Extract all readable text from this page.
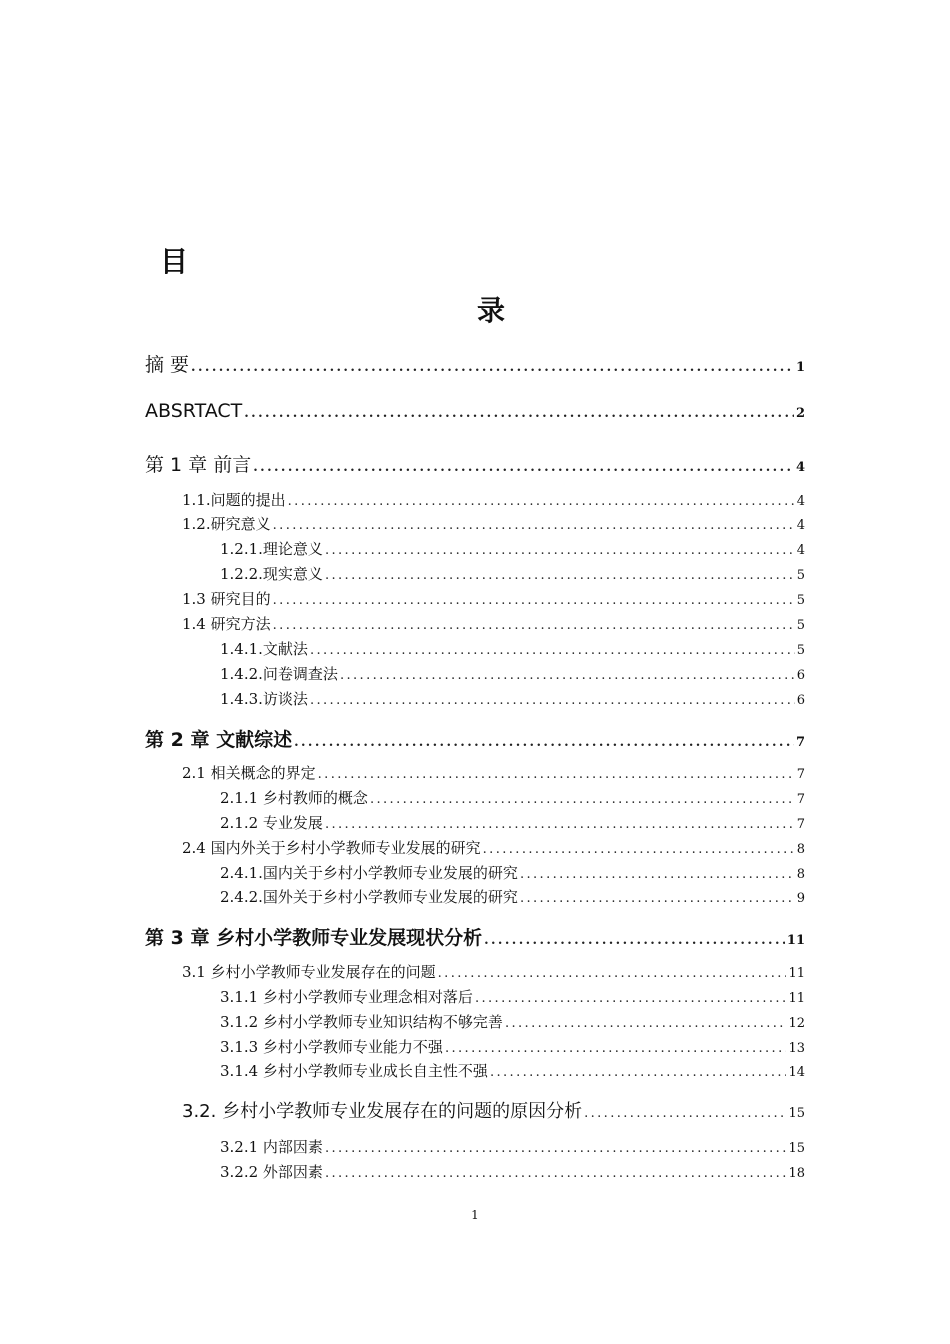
目
录
摘 要 .....	1
ABSRTACT .....	2
第 1 章 前言 .....	4
1.1.问题的提出 .....	4
1.2.研究意义 .....	4
1.2.1.理论意义 .....	4
1.2.2.现实意义 .....	5
1.3 研究目的 .....	5
1.4 研究方法 .....	5
1.4.1.文献法 .....	5
1.4.2.问卷调查法 .....	6
1.4.3.访谈法 .....	6
第 2 章 文献综述 .....	7
2.1 相关概念的界定 .....	7
2.1.1 乡村教师的概念 .....	7
2.1.2 专业发展 .....	7
2.4 国内外关于乡村小学教师专业发展的研究 .....	8
2.4.1.国内关于乡村小学教师专业发展的研究 .....	8
2.4.2.国外关于乡村小学教师专业发展的研究 .....	9
第 3 章 乡村小学教师专业发展现状分析 .....	11
3.1 乡村小学教师专业发展存在的问题 .....	11
3.1.1 乡村小学教师专业理念相对落后 .....	11
3.1.2 乡村小学教师专业知识结构不够完善 .....	12
3.1.3 乡村小学教师专业能力不强 .....	13
3.1.4 乡村小学教师专业成长自主性不强 .....	14
3.2. 乡村小学教师专业发展存在的问题的原因分析 .....	15
3.2.1 内部因素 .....	15
3.2.2 外部因素 .....	18
1
